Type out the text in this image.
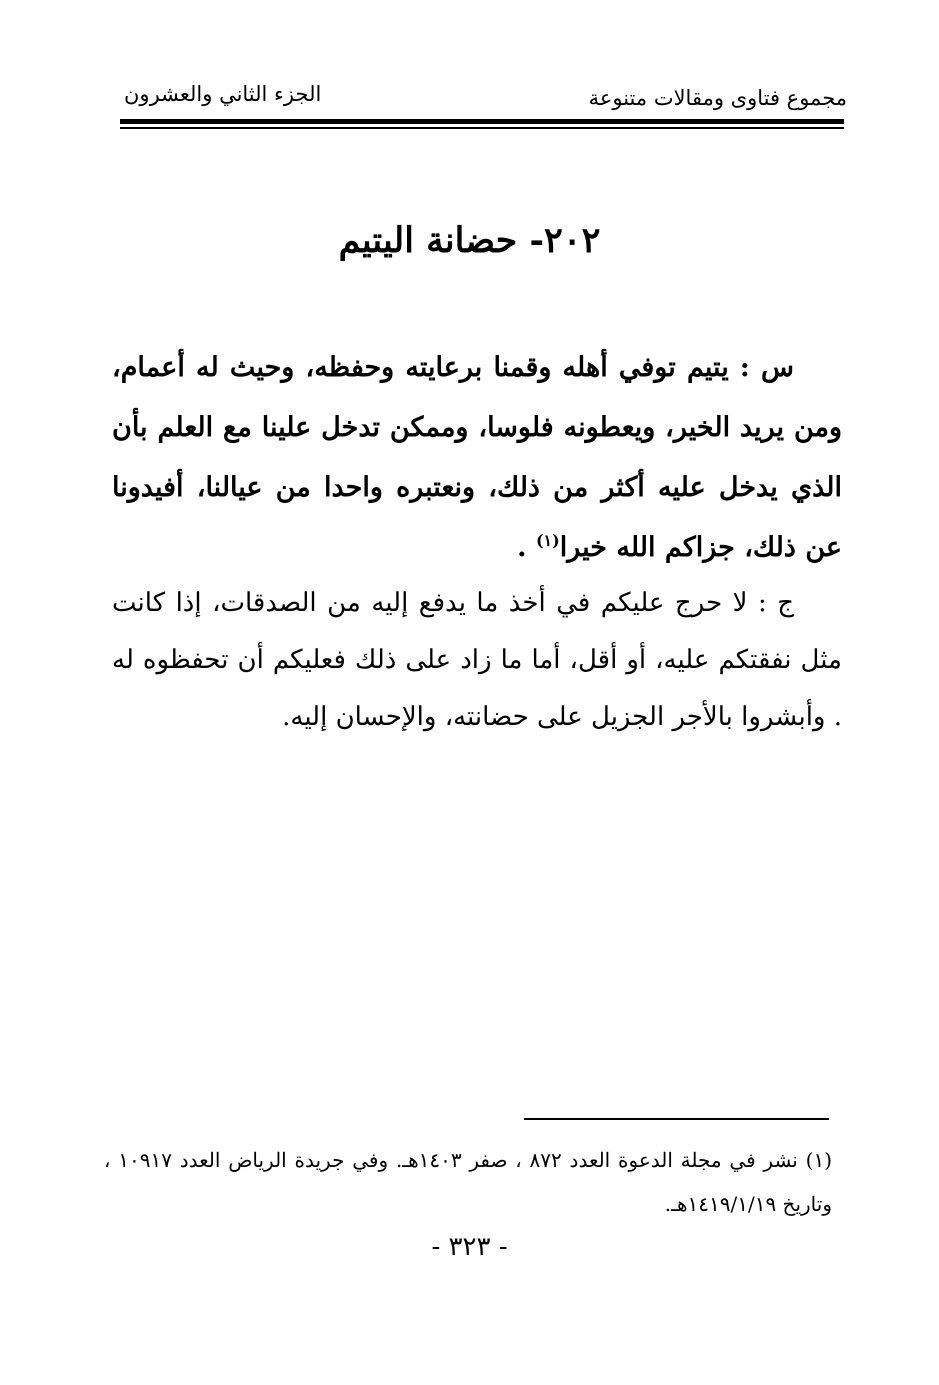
مجموع فتاوى ومقالات متنوعة
الجزء الثاني والعشرون
٢٠٢- حضانة اليتيم
س : يتيم توفي أهله وقمنا برعايته وحفظه، وحيث له أعمام، ومن يريد الخير، ويعطونه فلوسا، وممكن تدخل علينا مع العلم بأن الذي يدخل عليه أكثر من ذلك، ونعتبره واحدا من عيالنا، أفيدونا عن ذلك، جزاكم الله خيرا$^{(١)}$ .
ج : لا حرج عليكم في أخذ ما يدفع إليه من الصدقات، إذا كانت مثل نفقتكم عليه، أو أقل، أما ما زاد على ذلك فعليكم أن تحفظوه له . وأبشروا بالأجر الجزيل على حضانته، والإحسان إليه.
(١) نشر في مجلة الدعوة العدد ٨٧٢ ، صفر ١٤٠٣هـ. وفي جريدة الرياض العدد ١٠٩١٧ ، وتاريخ ١٤١٩/١/١٩هـ.
- ٣٢٣ -
